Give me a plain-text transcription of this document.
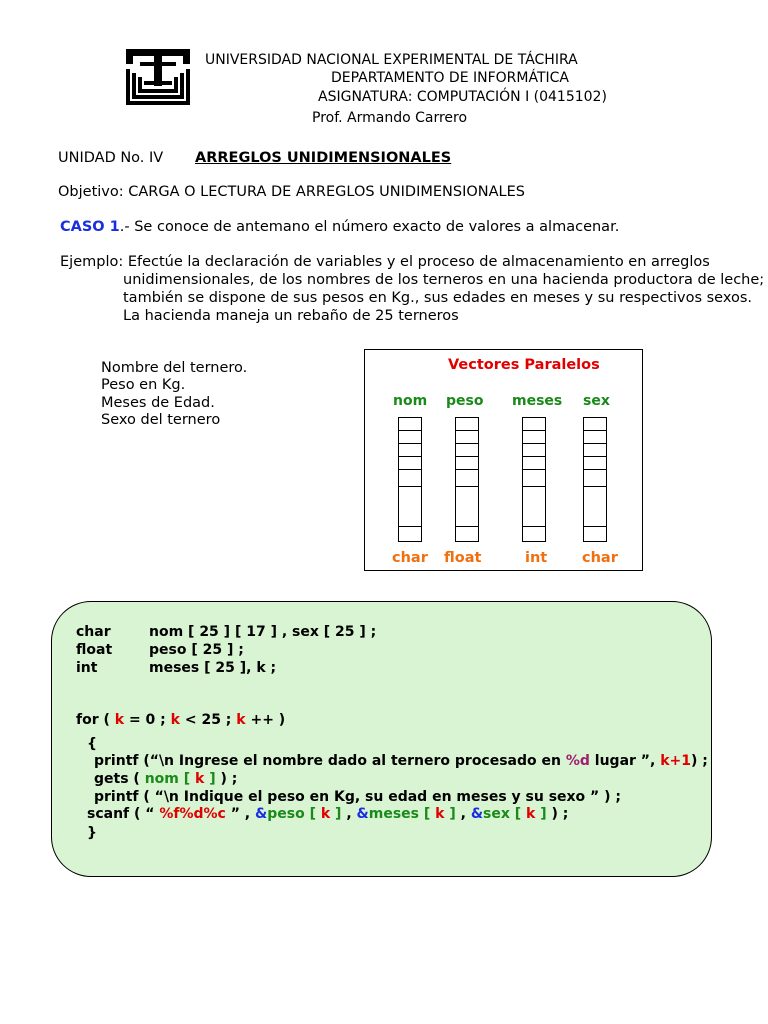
UNIVERSIDAD NACIONAL EXPERIMENTAL DE TÁCHIRA
DEPARTAMENTO DE INFORMÁTICA
ASIGNATURA: COMPUTACIÓN I (0415102)
Prof. Armando Carrero
UNIDAD No. IV ARREGLOS UNIDIMENSIONALES
Objetivo: CARGA O LECTURA DE ARREGLOS UNIDIMENSIONALES
CASO 1.- Se conoce de antemano el número exacto de valores a almacenar.
Ejemplo: Efectúe la declaración de variables y el proceso de almacenamiento en arreglos
unidimensionales, de los nombres de los terneros en una hacienda productora de leche;
también se dispone de sus pesos en Kg., sus edades en meses y su respectivos sexos.
La hacienda maneja un rebaño de 25 terneros
Nombre del ternero.
Peso en Kg.
Meses de Edad.
Sexo del ternero
Vectores Paralelos
nom peso meses sex
char float	int char
char	nom [ 25 ] [ 17 ] , sex [ 25 ] ;
float	peso [ 25 ] ;
int	meses [ 25 ], k ;
for ( k = 0 ; k < 25 ; k ++ )
{
printf (“\n Ingrese el nombre dado al ternero procesado en %d lugar ”, k+1) ;
gets ( nom [ k ] ) ;
printf ( “\n Indique el peso en Kg, su edad en meses y su sexo ” ) ;
scanf ( “ %f%d%c ” , &peso [ k ] , &meses [ k ] , &sex [ k ] ) ;
}
